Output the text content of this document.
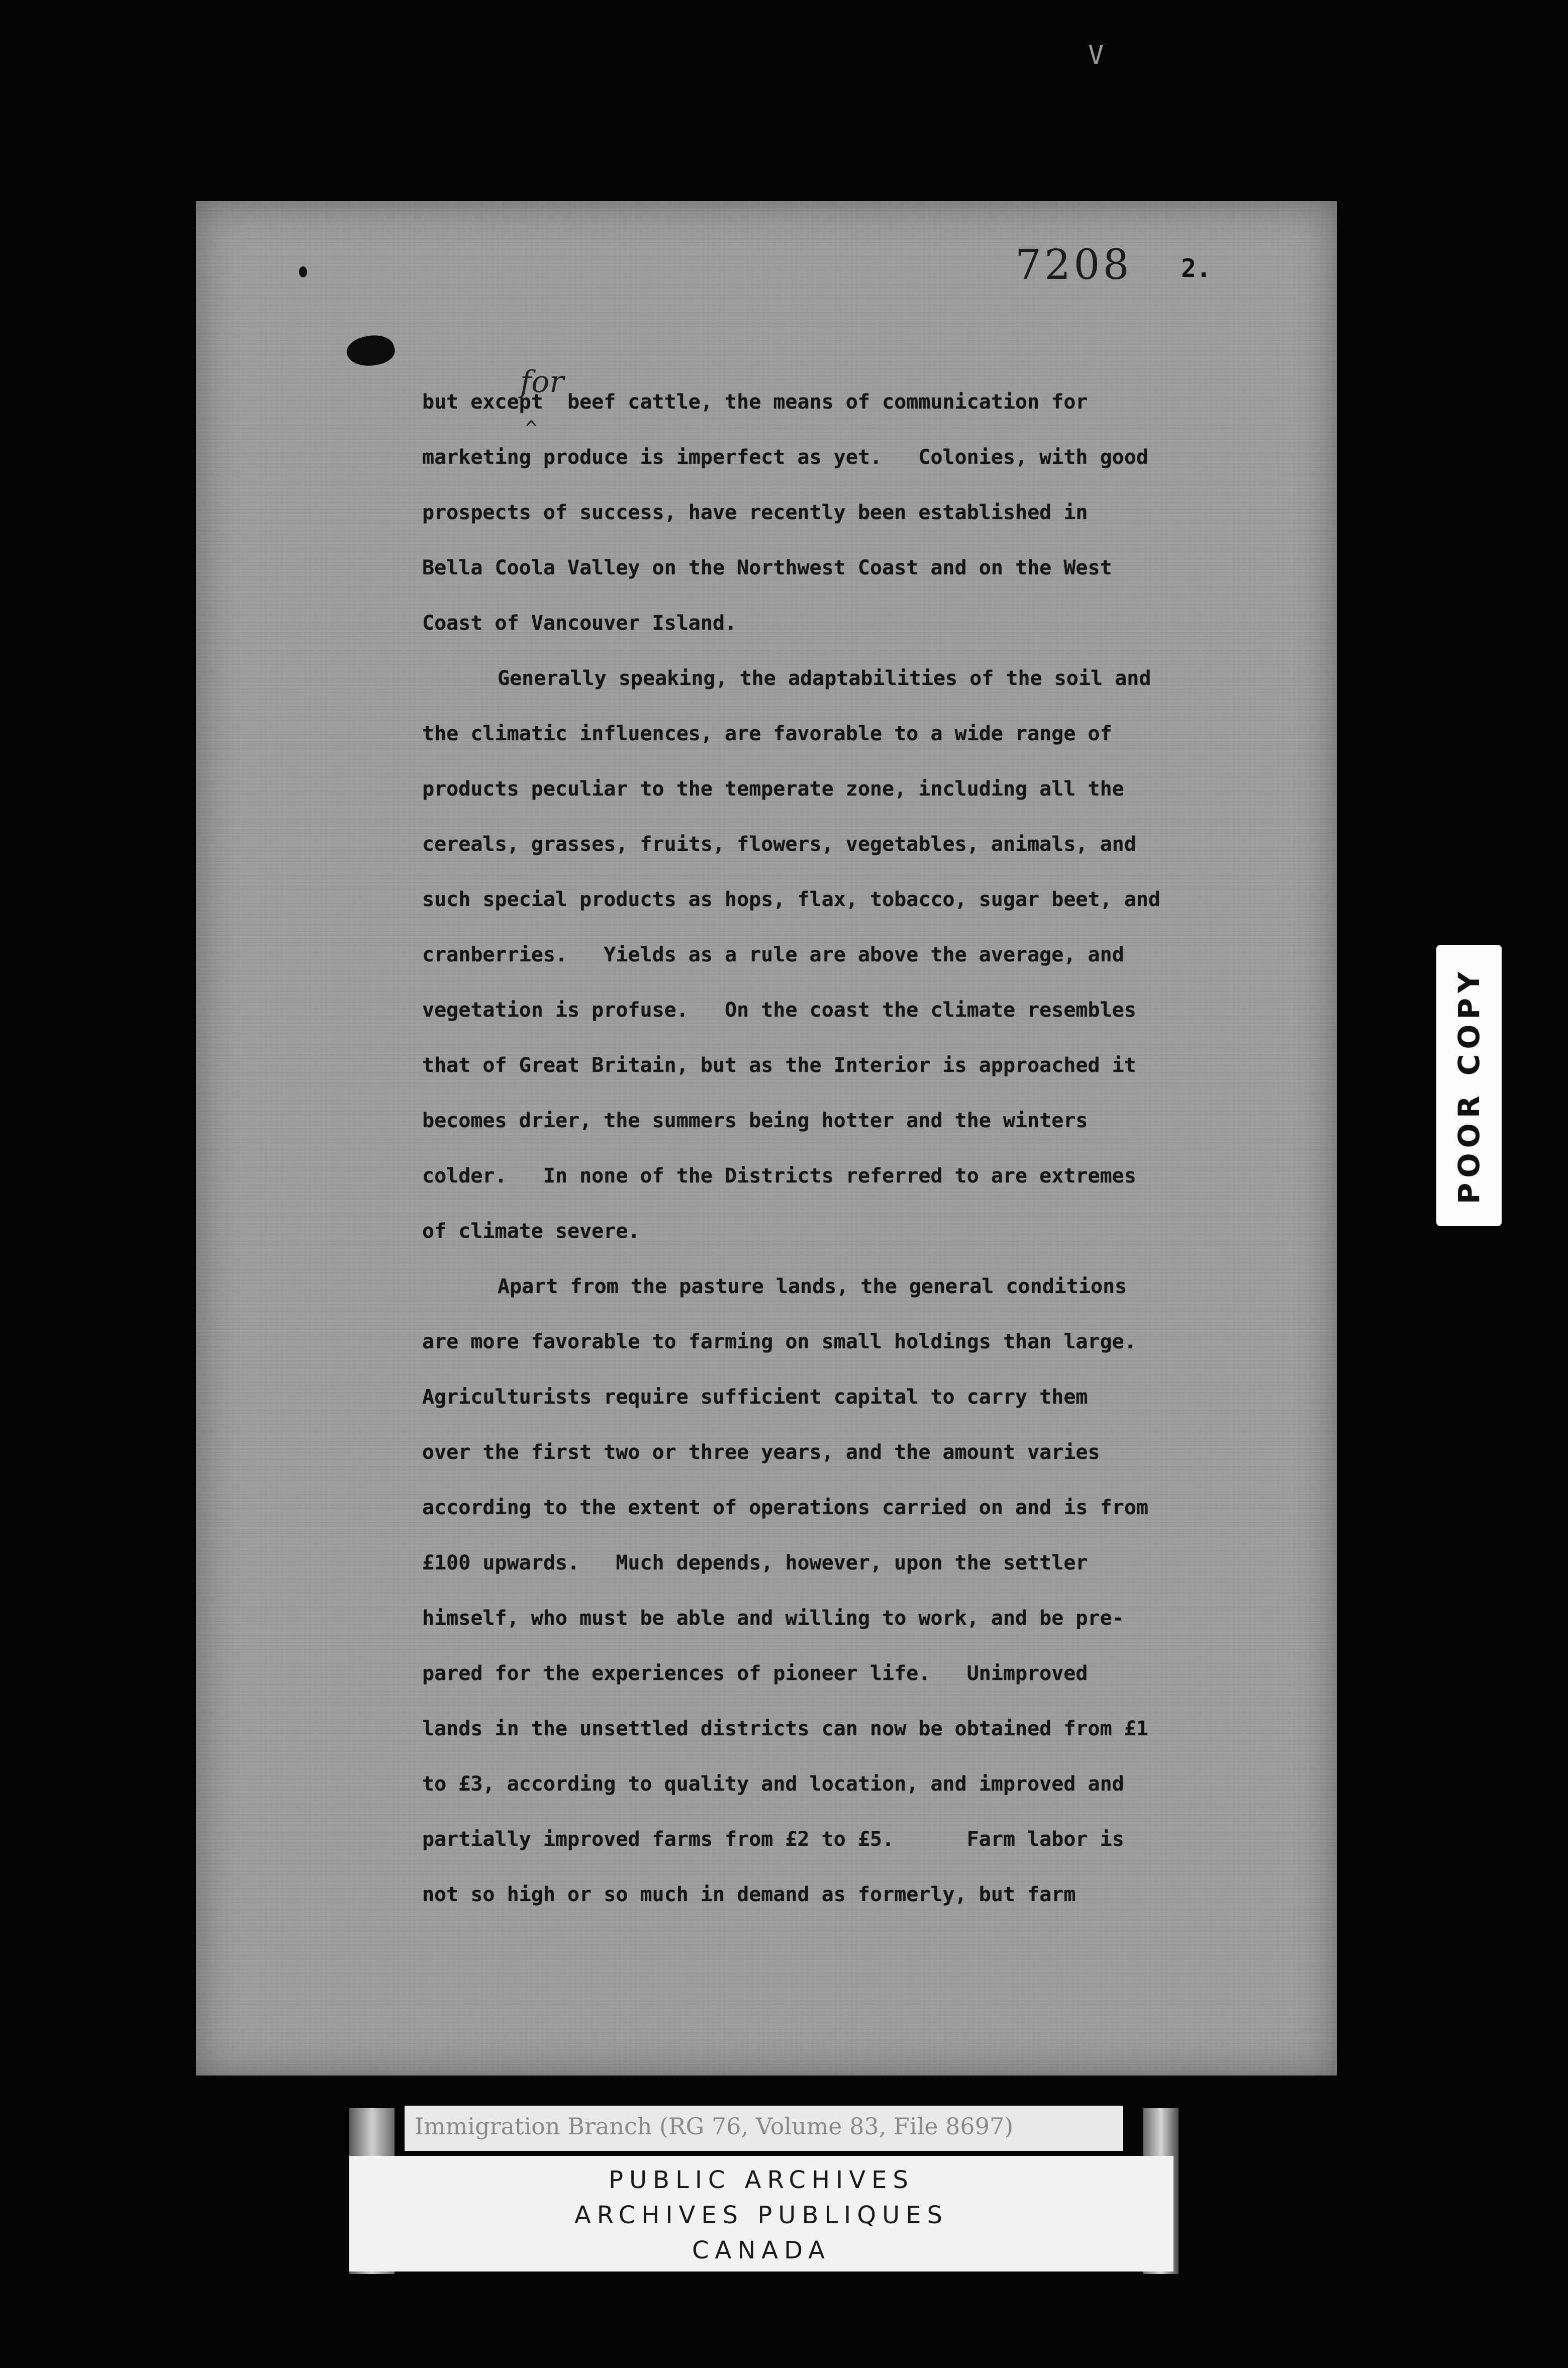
V
7208 2.
for
^
but except  beef cattle, the means of communication for
marketing produce is imperfect as yet.   Colonies, with good
prospects of success, have recently been established in
Bella Coola Valley on the Northwest Coast and on the West
Coast of Vancouver Island.
Generally speaking, the adaptabilities of the soil and
the climatic influences, are favorable to a wide range of
products peculiar to the temperate zone, including all the
cereals, grasses, fruits, flowers, vegetables, animals, and
such special products as hops, flax, tobacco, sugar beet, and
cranberries.   Yields as a rule are above the average, and
vegetation is profuse.   On the coast the climate resembles
that of Great Britain, but as the Interior is approached it
becomes drier, the summers being hotter and the winters
colder.   In none of the Districts referred to are extremes
of climate severe.
Apart from the pasture lands, the general conditions
are more favorable to farming on small holdings than large.
Agriculturists require sufficient capital to carry them
over the first two or three years, and the amount varies
according to the extent of operations carried on and is from
£100 upwards.   Much depends, however, upon the settler
himself, who must be able and willing to work, and be pre-
pared for the experiences of pioneer life.   Unimproved
lands in the unsettled districts can now be obtained from £1
to £3, according to quality and location, and improved and
partially improved farms from £2 to £5.      Farm labor is
not so high or so much in demand as formerly, but farm
POOR COPY
Immigration Branch (RG 76, Volume 83, File 8697)
PUBLIC ARCHIVES
ARCHIVES PUBLIQUES
CANADA
